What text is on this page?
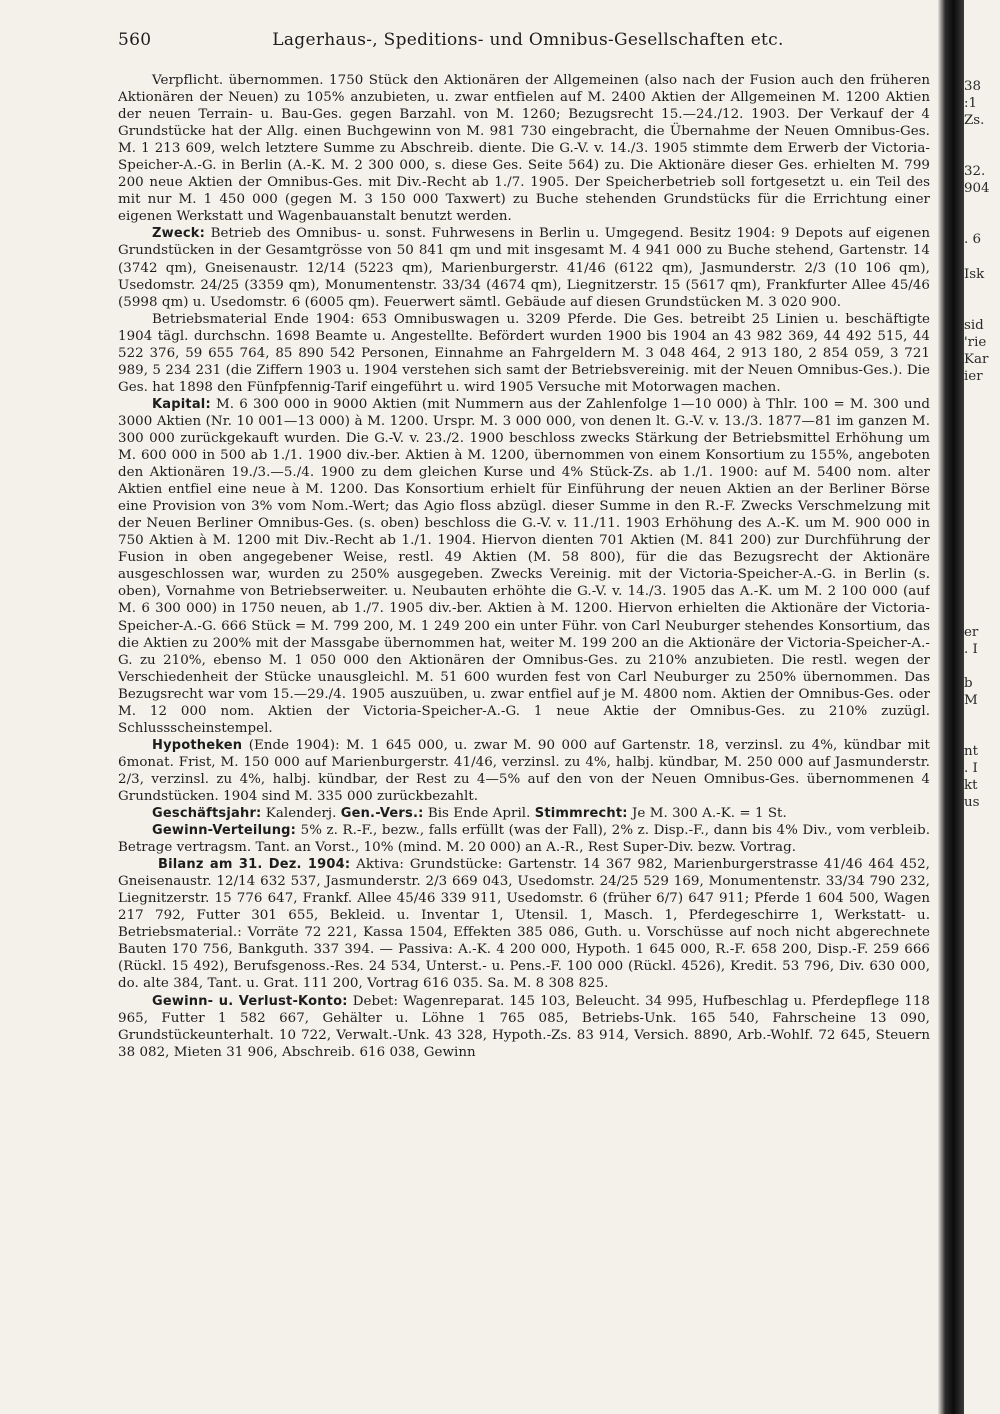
560	Lagerhaus-, Speditions- und Omnibus-Gesellschaften etc.

Verpflicht. übernommen. 1750 Stück den Aktionären der Allgemeinen (also nach der Fusion auch den früheren Aktionären der Neuen) zu 105% anzubieten, u. zwar entfielen auf M. 2400 Aktien der Allgemeinen M. 1200 Aktien der neuen Terrain- u. Bau-Ges. gegen Barzahl. von M. 1260; Bezugsrecht 15.—24./12. 1903. Der Verkauf der 4 Grundstücke hat der Allg. einen Buchgewinn von M. 981 730 eingebracht, die Übernahme der Neuen Omnibus-Ges. M. 1 213 609, welch letztere Summe zu Abschreib. diente. Die G.-V. v. 14./3. 1905 stimmte dem Erwerb der Victoria-Speicher-A.-G. in Berlin (A.-K. M. 2 300 000, s. diese Ges. Seite 564) zu. Die Aktionäre dieser Ges. erhielten M. 799 200 neue Aktien der Omnibus-Ges. mit Div.-Recht ab 1./7. 1905. Der Speicherbetrieb soll fortgesetzt u. ein Teil des mit nur M. 1 450 000 (gegen M. 3 150 000 Taxwert) zu Buche stehenden Grundstücks für die Errichtung einer eigenen Werkstatt und Wagenbauanstalt benutzt werden.

Zweck: Betrieb des Omnibus- u. sonst. Fuhrwesens in Berlin u. Umgegend. Besitz 1904: 9 Depots auf eigenen Grundstücken in der Gesamtgrösse von 50 841 qm und mit insgesamt M. 4 941 000 zu Buche stehend, Gartenstr. 14 (3742 qm), Gneisenaustr. 12/14 (5223 qm), Marienburgerstr. 41/46 (6122 qm), Jasmunderstr. 2/3 (10 106 qm), Usedomstr. 24/25 (3359 qm), Monumentenstr. 33/34 (4674 qm), Liegnitzerstr. 15 (5617 qm), Frankfurter Allee 45/46 (5998 qm) u. Usedomstr. 6 (6005 qm). Feuerwert sämtl. Gebäude auf diesen Grundstücken M. 3 020 900.

Betriebsmaterial Ende 1904: 653 Omnibuswagen u. 3209 Pferde. Die Ges. betreibt 25 Linien u. beschäftigte 1904 tägl. durchschn. 1698 Beamte u. Angestellte. Befördert wurden 1900 bis 1904 an 43 982 369, 44 492 515, 44 522 376, 59 655 764, 85 890 542 Personen, Einnahme an Fahrgeldern M. 3 048 464, 2 913 180, 2 854 059, 3 721 989, 5 234 231 (die Ziffern 1903 u. 1904 verstehen sich samt der Betriebsvereinig. mit der Neuen Omnibus-Ges.). Die Ges. hat 1898 den Fünfpfennig-Tarif eingeführt u. wird 1905 Versuche mit Motorwagen machen.

Kapital: M. 6 300 000 in 9000 Aktien (mit Nummern aus der Zahlenfolge 1—10 000) à Thlr. 100 = M. 300 und 3000 Aktien (Nr. 10 001—13 000) à M. 1200. Urspr. M. 3 000 000, von denen lt. G.-V. v. 13./3. 1877—81 im ganzen M. 300 000 zurückgekauft wurden. Die G.-V. v. 23./2. 1900 beschloss zwecks Stärkung der Betriebsmittel Erhöhung um M. 600 000 in 500 ab 1./1. 1900 div.-ber. Aktien à M. 1200, übernommen von einem Konsortium zu 155%, angeboten den Aktionären 19./3.—5./4. 1900 zu dem gleichen Kurse und 4% Stück-Zs. ab 1./1. 1900: auf M. 5400 nom. alter Aktien entfiel eine neue à M. 1200. Das Konsortium erhielt für Einführung der neuen Aktien an der Berliner Börse eine Provision von 3% vom Nom.-Wert; das Agio floss abzügl. dieser Summe in den R.-F. Zwecks Verschmelzung mit der Neuen Berliner Omnibus-Ges. (s. oben) beschloss die G.-V. v. 11./11. 1903 Erhöhung des A.-K. um M. 900 000 in 750 Aktien à M. 1200 mit Div.-Recht ab 1./1. 1904. Hiervon dienten 701 Aktien (M. 841 200) zur Durchführung der Fusion in oben angegebener Weise, restl. 49 Aktien (M. 58 800), für die das Bezugsrecht der Aktionäre ausgeschlossen war, wurden zu 250% ausgegeben. Zwecks Vereinig. mit der Victoria-Speicher-A.-G. in Berlin (s. oben), Vornahme von Betriebserweiter. u. Neubauten erhöhte die G.-V. v. 14./3. 1905 das A.-K. um M. 2 100 000 (auf M. 6 300 000) in 1750 neuen, ab 1./7. 1905 div.-ber. Aktien à M. 1200. Hiervon erhielten die Aktionäre der Victoria-Speicher-A.-G. 666 Stück = M. 799 200, M. 1 249 200 ein unter Führ. von Carl Neuburger stehendes Konsortium, das die Aktien zu 200% mit der Massgabe übernommen hat, weiter M. 199 200 an die Aktionäre der Victoria-Speicher-A.-G. zu 210%, ebenso M. 1 050 000 den Aktionären der Omnibus-Ges. zu 210% anzubieten. Die restl. wegen der Verschiedenheit der Stücke unausgleichl. M. 51 600 wurden fest von Carl Neuburger zu 250% übernommen. Das Bezugsrecht war vom 15.—29./4. 1905 auszuüben, u. zwar entfiel auf je M. 4800 nom. Aktien der Omnibus-Ges. oder M. 12 000 nom. Aktien der Victoria-Speicher-A.-G. 1 neue Aktie der Omnibus-Ges. zu 210% zuzügl. Schlussscheinstempel.

Hypotheken (Ende 1904): M. 1 645 000, u. zwar M. 90 000 auf Gartenstr. 18, verzinsl. zu 4%, kündbar mit 6monat. Frist, M. 150 000 auf Marienburgerstr. 41/46, verzinsl. zu 4%, halbj. kündbar, M. 250 000 auf Jasmunderstr. 2/3, verzinsl. zu 4%, halbj. kündbar, der Rest zu 4—5% auf den von der Neuen Omnibus-Ges. übernommenen 4 Grundstücken. 1904 sind M. 335 000 zurückbezahlt.

Geschäftsjahr: Kalenderj. Gen.-Vers.: Bis Ende April. Stimmrecht: Je M. 300 A.-K. = 1 St.

Gewinn-Verteilung: 5% z. R.-F., bezw., falls erfüllt (was der Fall), 2% z. Disp.-F., dann bis 4% Div., vom verbleib. Betrage vertragsm. Tant. an Vorst., 10% (mind. M. 20 000) an A.-R., Rest Super-Div. bezw. Vortrag.

Bilanz am 31. Dez. 1904: Aktiva: Grundstücke: Gartenstr. 14 367 982, Marienburgerstrasse 41/46 464 452, Gneisenaustr. 12/14 632 537, Jasmunderstr. 2/3 669 043, Usedomstr. 24/25 529 169, Monumentenstr. 33/34 790 232, Liegnitzerstr. 15 776 647, Frankf. Allee 45/46 339 911, Usedomstr. 6 (früher 6/7) 647 911; Pferde 1 604 500, Wagen 217 792, Futter 301 655, Bekleid. u. Inventar 1, Utensil. 1, Masch. 1, Pferdegeschirre 1, Werkstatt- u. Betriebsmaterial.: Vorräte 72 221, Kassa 1504, Effekten 385 086, Guth. u. Vorschüsse auf noch nicht abgerechnete Bauten 170 756, Bankguth. 337 394. — Passiva: A.-K. 4 200 000, Hypoth. 1 645 000, R.-F. 658 200, Disp.-F. 259 666 (Rückl. 15 492), Berufsgenoss.-Res. 24 534, Unterst.- u. Pens.-F. 100 000 (Rückl. 4526), Kredit. 53 796, Div. 630 000, do. alte 384, Tant. u. Grat. 111 200, Vortrag 616 035. Sa. M. 8 308 825.

Gewinn- u. Verlust-Konto: Debet: Wagenreparat. 145 103, Beleucht. 34 995, Hufbeschlag u. Pferdepflege 118 965, Futter 1 582 667, Gehälter u. Löhne 1 765 085, Betriebs-Unk. 165 540, Fahrscheine 13 090, Grundstückeunterhalt. 10 722, Verwalt.-Unk. 43 328, Hypoth.-Zs. 83 914, Versich. 8890, Arb.-Wohlf. 72 645, Steuern 38 082, Mieten 31 906, Abschreib. 616 038, Gewinn

38
:1
Zs.
32.
904
. 6
Isk
sid
'rie
Kar
ier
er
. I
b
M
nt
. I
kt
us
